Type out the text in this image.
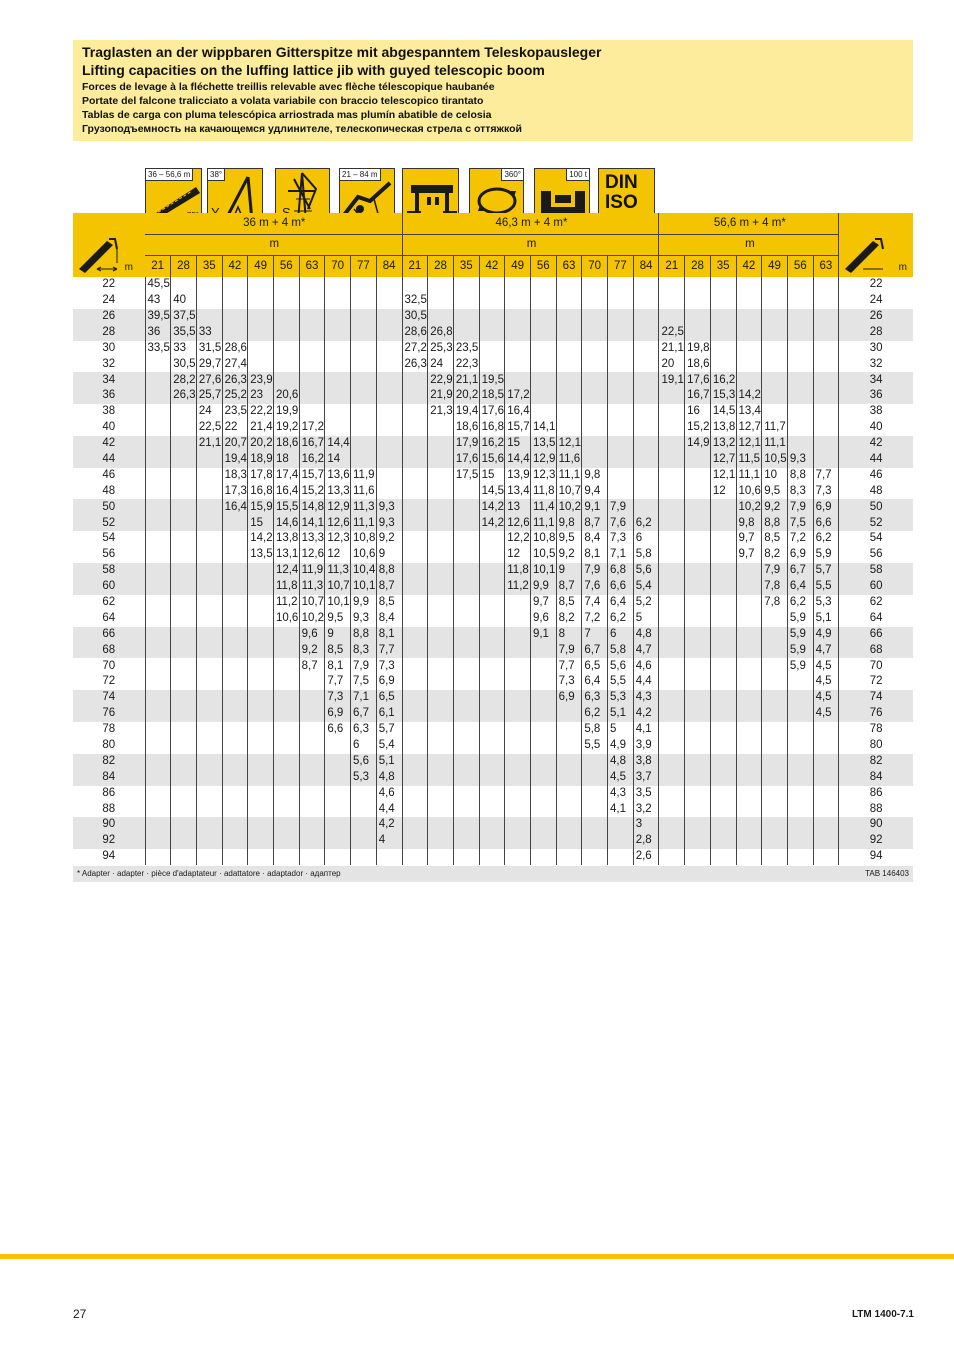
Traglasten an der wippbaren Gitterspitze mit abgespanntem Teleskopausleger
Lifting capacities on the luffing lattice jib with guyed telescopic boom
Forces de levage à la fléchette treillis relevable avec flèche télescopique haubanée
Portate del falcone tralicciato a volata variabile con braccio telescopico tirantato
Tablas de carga con pluma telescópica arriostrada mas plumín abatible de celosia
Грузоподъемность на качающемся удлинителе, телескопическая стрела с оттяжкой
36 – 56,6 m	38°	21 – 84 m	360°	100 t DIN
ISO
m	36 m + 4 m*										46,3 m + 4 m*										56,6 m + 4 m*							m

	m										m										m							
	21	28	35	42	49	56	63	70	77	84	21	28	35	42	49	56	63	70	77	84	21	28	35	42	49	56	63	
22	45,5																											22
24	43	40									32,5																	24
26	39,5	37,5									30,5																	26
28	36	35,5	33								28,6	26,8									22,5							28
30	33,5	33	31,5	28,6							27,2	25,3	23,5								21,1	19,8						30
32		30,5	29,7	27,4							26,3	24	22,3								20	18,6						32
34		28,2	27,6	26,3	23,9							22,9	21,1	19,5							19,1	17,6	16,2					34
36		26,3	25,7	25,2	23	20,6						21,9	20,2	18,5	17,2							16,7	15,3	14,2				36
38			24	23,5	22,2	19,9						21,3	19,4	17,6	16,4							16	14,5	13,4				38
40			22,5	22	21,4	19,2	17,2						18,6	16,8	15,7	14,1						15,2	13,8	12,7	11,7			40
42			21,1	20,7	20,2	18,6	16,7	14,4					17,9	16,2	15	13,5	12,1					14,9	13,2	12,1	11,1			42
44				19,4	18,9	18	16,2	14					17,6	15,6	14,4	12,9	11,6						12,7	11,5	10,5	9,3		44
46				18,3	17,8	17,4	15,7	13,6	11,9				17,5	15	13,9	12,3	11,1	9,8					12,1	11,1	10	8,8	7,7	46
48				17,3	16,8	16,4	15,2	13,3	11,6					14,5	13,4	11,8	10,7	9,4					12	10,6	9,5	8,3	7,3	48
50				16,4	15,9	15,5	14,8	12,9	11,3	9,3				14,2	13	11,4	10,2	9,1	7,9					10,2	9,2	7,9	6,9	50
52					15	14,6	14,1	12,6	11,1	9,3				14,2	12,6	11,1	9,8	8,7	7,6	6,2				9,8	8,8	7,5	6,6	52
54					14,2	13,8	13,3	12,3	10,8	9,2					12,2	10,8	9,5	8,4	7,3	6				9,7	8,5	7,2	6,2	54
56					13,5	13,1	12,6	12	10,6	9					12	10,5	9,2	8,1	7,1	5,8				9,7	8,2	6,9	5,9	56
58						12,4	11,9	11,3	10,4	8,8					11,8	10,1	9	7,9	6,8	5,6					7,9	6,7	5,7	58
60						11,8	11,3	10,7	10,1	8,7					11,2	9,9	8,7	7,6	6,6	5,4					7,8	6,4	5,5	60
62						11,2	10,7	10,1	9,9	8,5						9,7	8,5	7,4	6,4	5,2					7,8	6,2	5,3	62
64						10,6	10,2	9,5	9,3	8,4						9,6	8,2	7,2	6,2	5						5,9	5,1	64
66							9,6	9	8,8	8,1						9,1	8	7	6	4,8						5,9	4,9	66
68							9,2	8,5	8,3	7,7							7,9	6,7	5,8	4,7						5,9	4,7	68
70							8,7	8,1	7,9	7,3							7,7	6,5	5,6	4,6						5,9	4,5	70
72								7,7	7,5	6,9							7,3	6,4	5,5	4,4							4,5	72
74								7,3	7,1	6,5							6,9	6,3	5,3	4,3							4,5	74
76								6,9	6,7	6,1								6,2	5,1	4,2							4,5	76
78								6,6	6,3	5,7								5,8	5	4,1								78
80									6	5,4								5,5	4,9	3,9								80
82									5,6	5,1									4,8	3,8								82
84									5,3	4,8									4,5	3,7								84
86										4,6									4,3	3,5								86
88										4,4									4,1	3,2								88
90										4,2										3								90
92										4										2,8								92
94																				2,6								94
* Adapter · adapter · pièce d'adaptateur · adattatore · adaptador · адаптер	TAB 146403
27	LTM 1400-7.1
